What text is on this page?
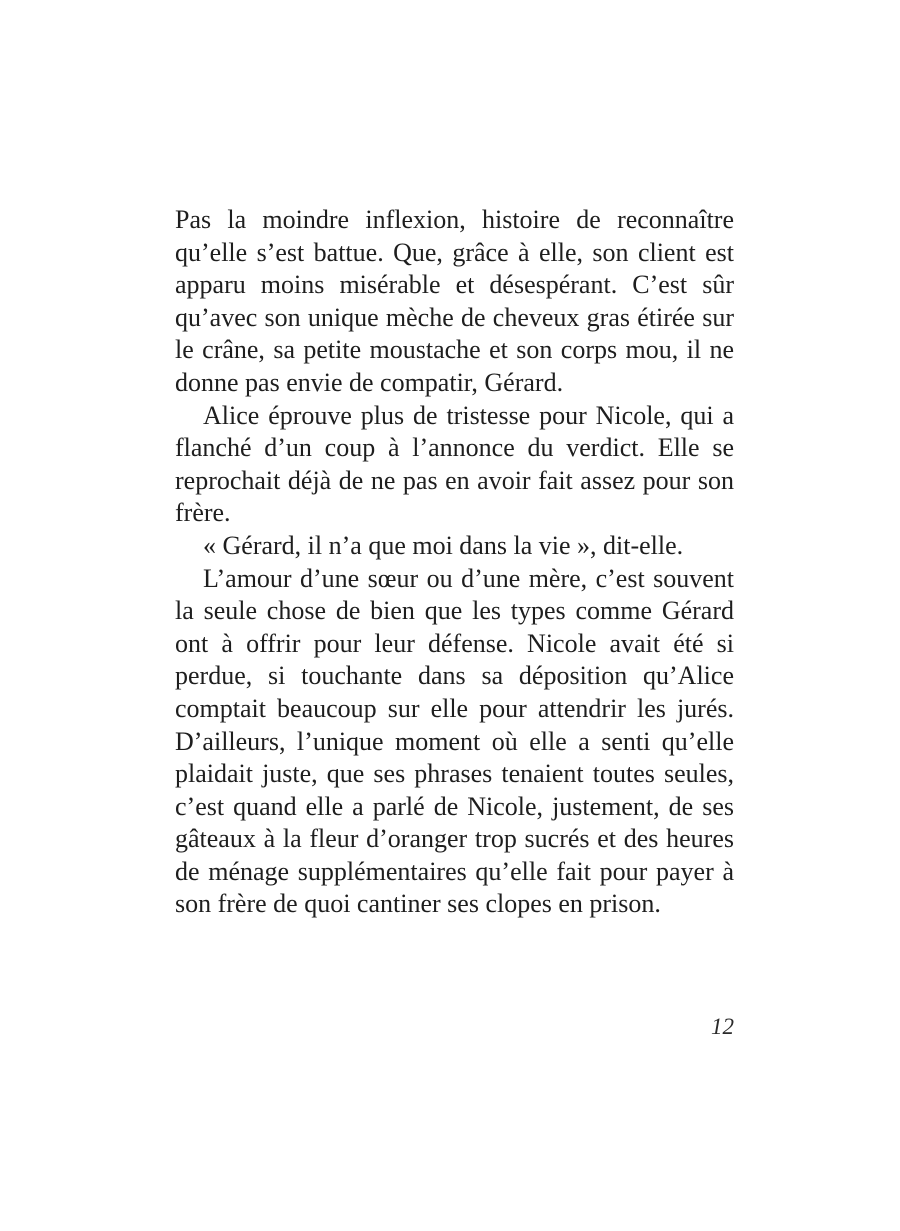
Pas la moindre inflexion, histoire de reconnaître qu’elle s’est battue. Que, grâce à elle, son client est apparu moins misérable et désespérant. C’est sûr qu’avec son unique mèche de cheveux gras étirée sur le crâne, sa petite moustache et son corps mou, il ne donne pas envie de compatir, Gérard.

Alice éprouve plus de tristesse pour Nicole, qui a flanché d’un coup à l’annonce du verdict. Elle se reprochait déjà de ne pas en avoir fait assez pour son frère.

« Gérard, il n’a que moi dans la vie », dit-elle.

L’amour d’une sœur ou d’une mère, c’est souvent la seule chose de bien que les types comme Gérard ont à offrir pour leur défense. Nicole avait été si perdue, si touchante dans sa déposition qu’Alice comptait beaucoup sur elle pour attendrir les jurés. D’ailleurs, l’unique moment où elle a senti qu’elle plaidait juste, que ses phrases tenaient toutes seules, c’est quand elle a parlé de Nicole, justement, de ses gâteaux à la fleur d’oranger trop sucrés et des heures de ménage supplémentaires qu’elle fait pour payer à son frère de quoi cantiner ses clopes en prison.

12
